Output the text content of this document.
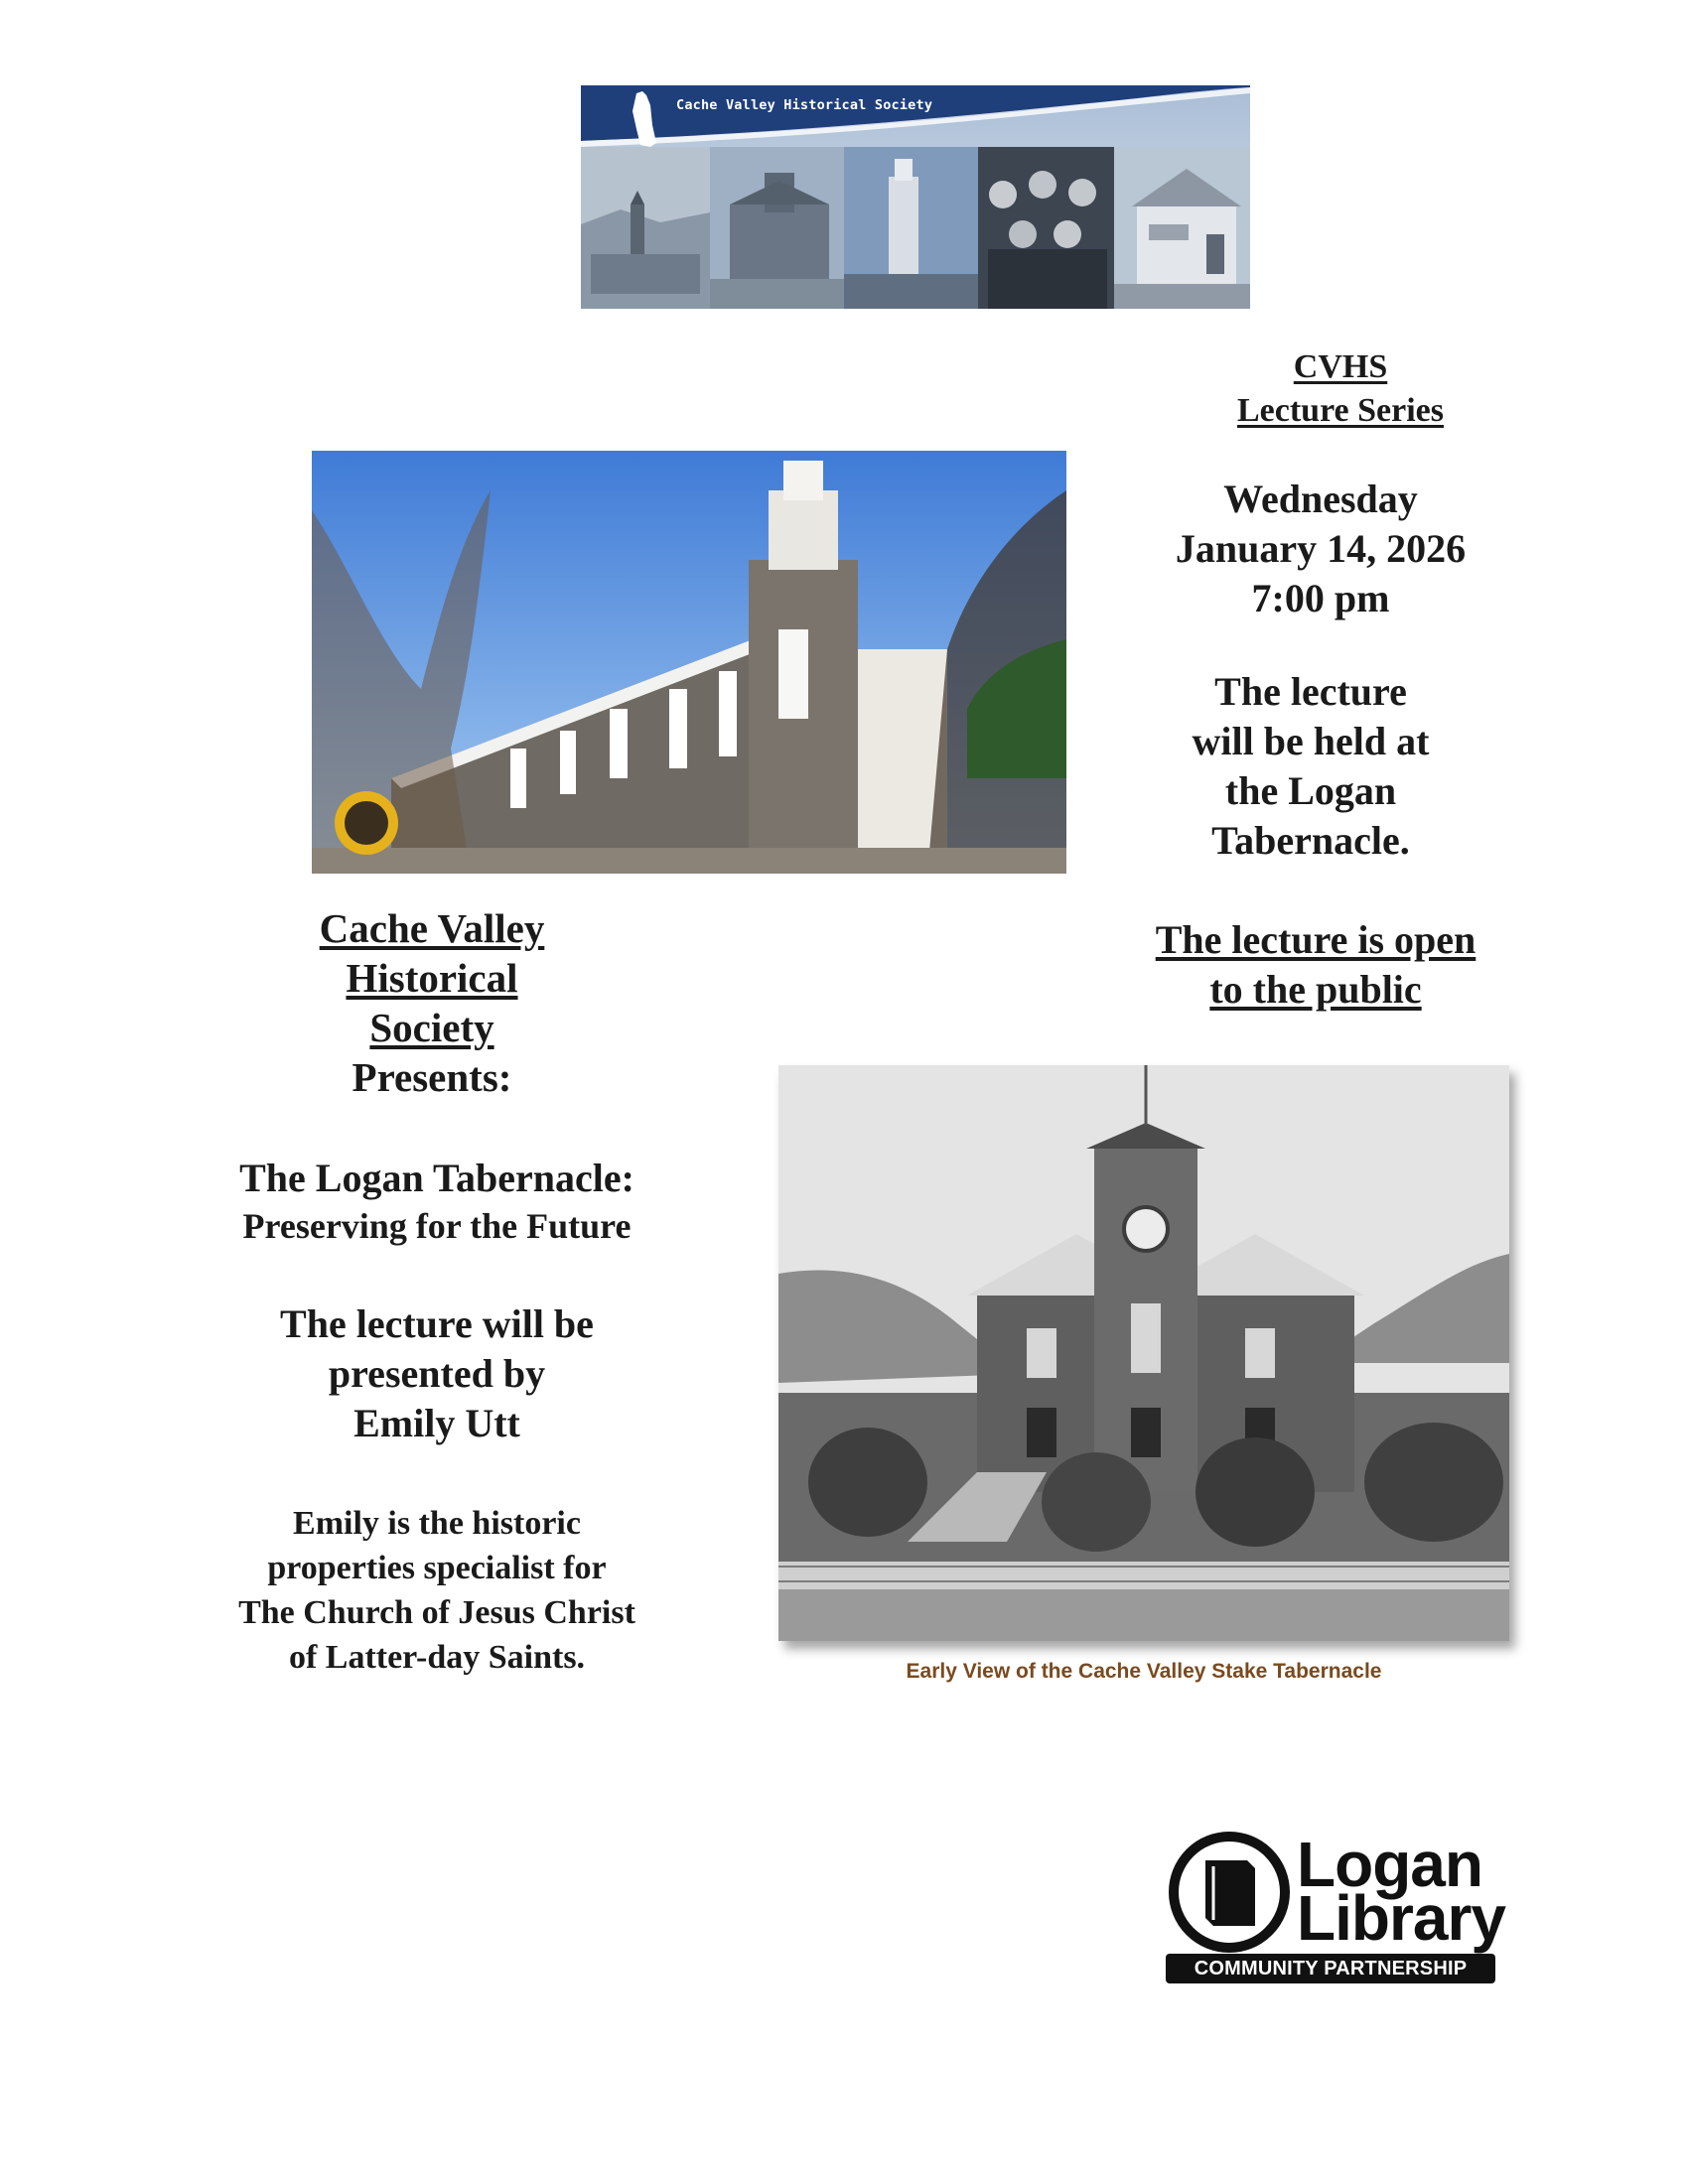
Cache Valley Historical Society
CVHS
Lecture Series
Wednesday
January 14, 2026
7:00 pm
The lecture
will be held at
the Logan
Tabernacle.
The lecture is open
to the public
Cache Valley
Historical
Society
Presents:
The Logan Tabernacle:
Preserving for the Future
The lecture will be
presented by
Emily Utt
Emily is the historic
properties specialist for
The Church of Jesus Christ
of Latter-day Saints.	Early View of the Cache Valley Stake Tabernacle
Logan
Library
COMMUNITY PARTNERSHIP
